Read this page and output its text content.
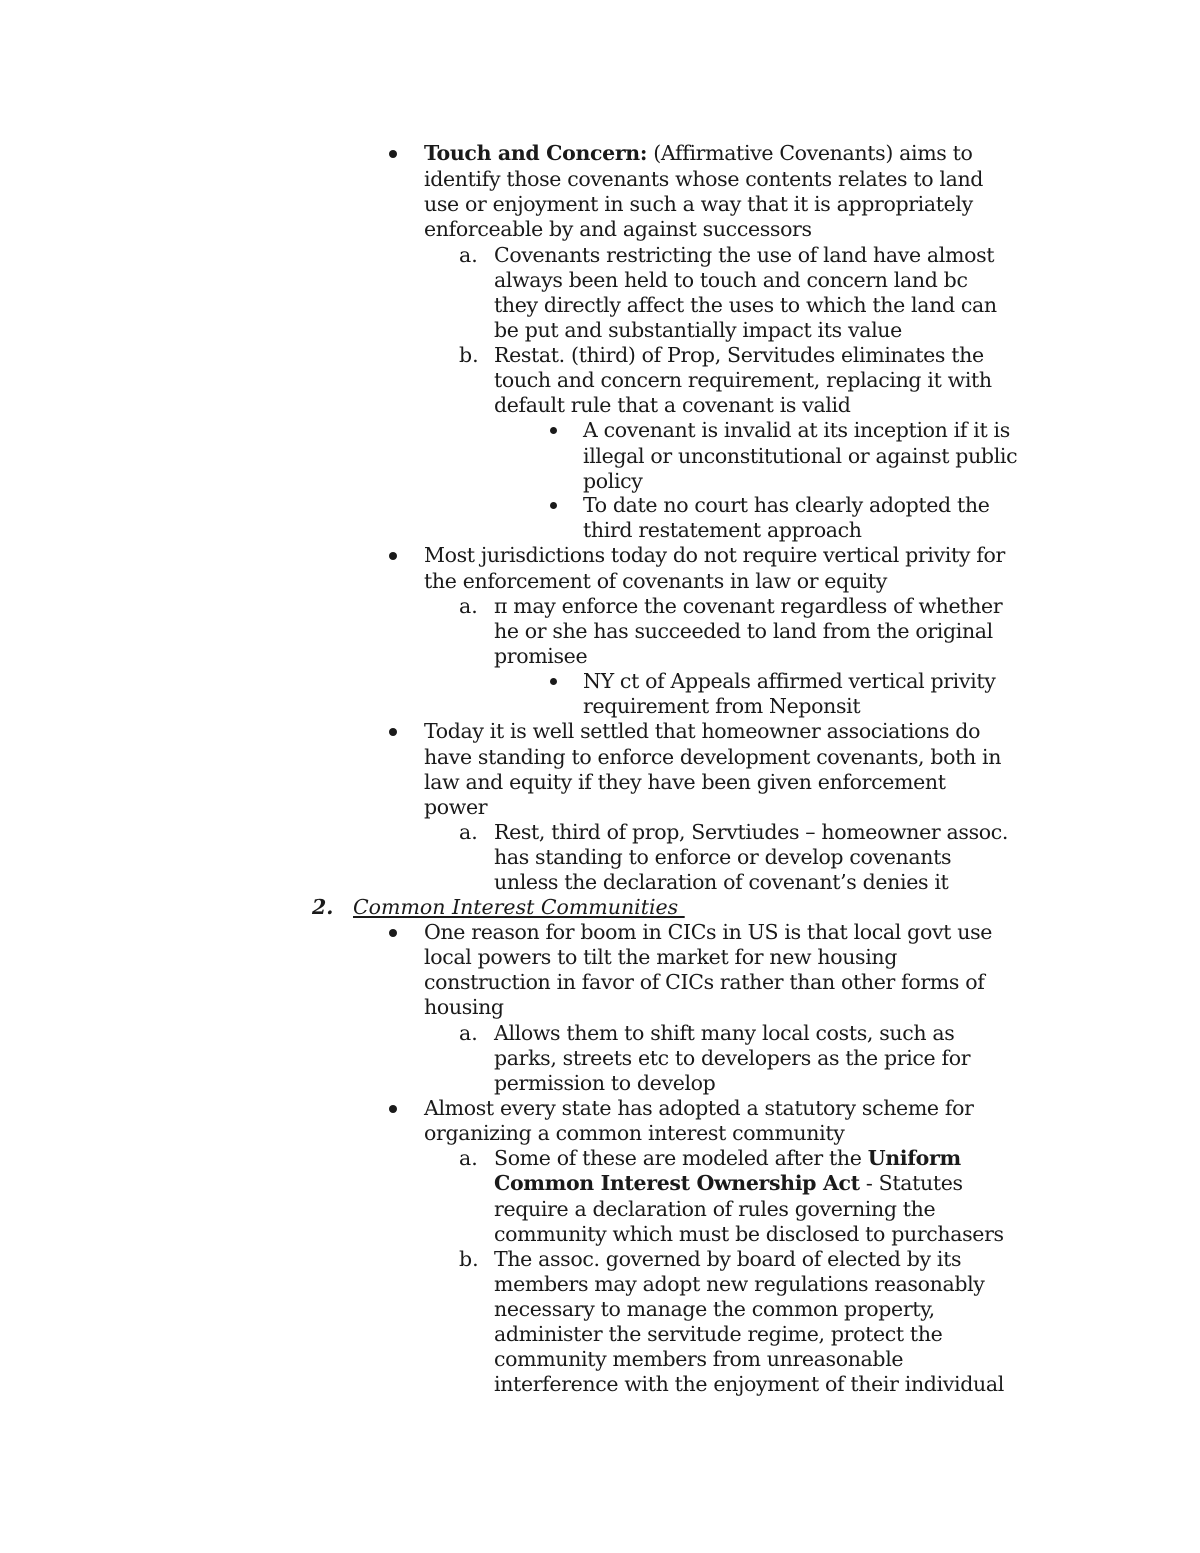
Touch and Concern: (Affirmative Covenants) aims to
identify those covenants whose contents relates to land
use or enjoyment in such a way that it is appropriately
enforceable by and against successors
a. Covenants restricting the use of land have almost
always been held to touch and concern land bc
they directly affect the uses to which the land can
be put and substantially impact its value
b. Restat. (third) of Prop, Servitudes eliminates the
touch and concern requirement, replacing it with
default rule that a covenant is valid
A covenant is invalid at its inception if it is
illegal or unconstitutional or against public
policy
To date no court has clearly adopted the
third restatement approach
Most jurisdictions today do not require vertical privity for
the enforcement of covenants in law or equity
a. π may enforce the covenant regardless of whether
he or she has succeeded to land from the original
promisee
NY ct of Appeals affirmed vertical privity
requirement from Neponsit
Today it is well settled that homeowner associations do
have standing to enforce development covenants, both in
law and equity if they have been given enforcement
power
a. Rest, third of prop, Servtiudes – homeowner assoc.
has standing to enforce or develop covenants
unless the declaration of covenant’s denies it
2. Common Interest Communities
One reason for boom in CICs in US is that local govt use
local powers to tilt the market for new housing
construction in favor of CICs rather than other forms of
housing
a. Allows them to shift many local costs, such as
parks, streets etc to developers as the price for
permission to develop
Almost every state has adopted a statutory scheme for
organizing a common interest community
a. Some of these are modeled after the Uniform
Common Interest Ownership Act - Statutes
require a declaration of rules governing the
community which must be disclosed to purchasers
b. The assoc. governed by board of elected by its
members may adopt new regulations reasonably
necessary to manage the common property,
administer the servitude regime, protect the
community members from unreasonable
interference with the enjoyment of their individual
